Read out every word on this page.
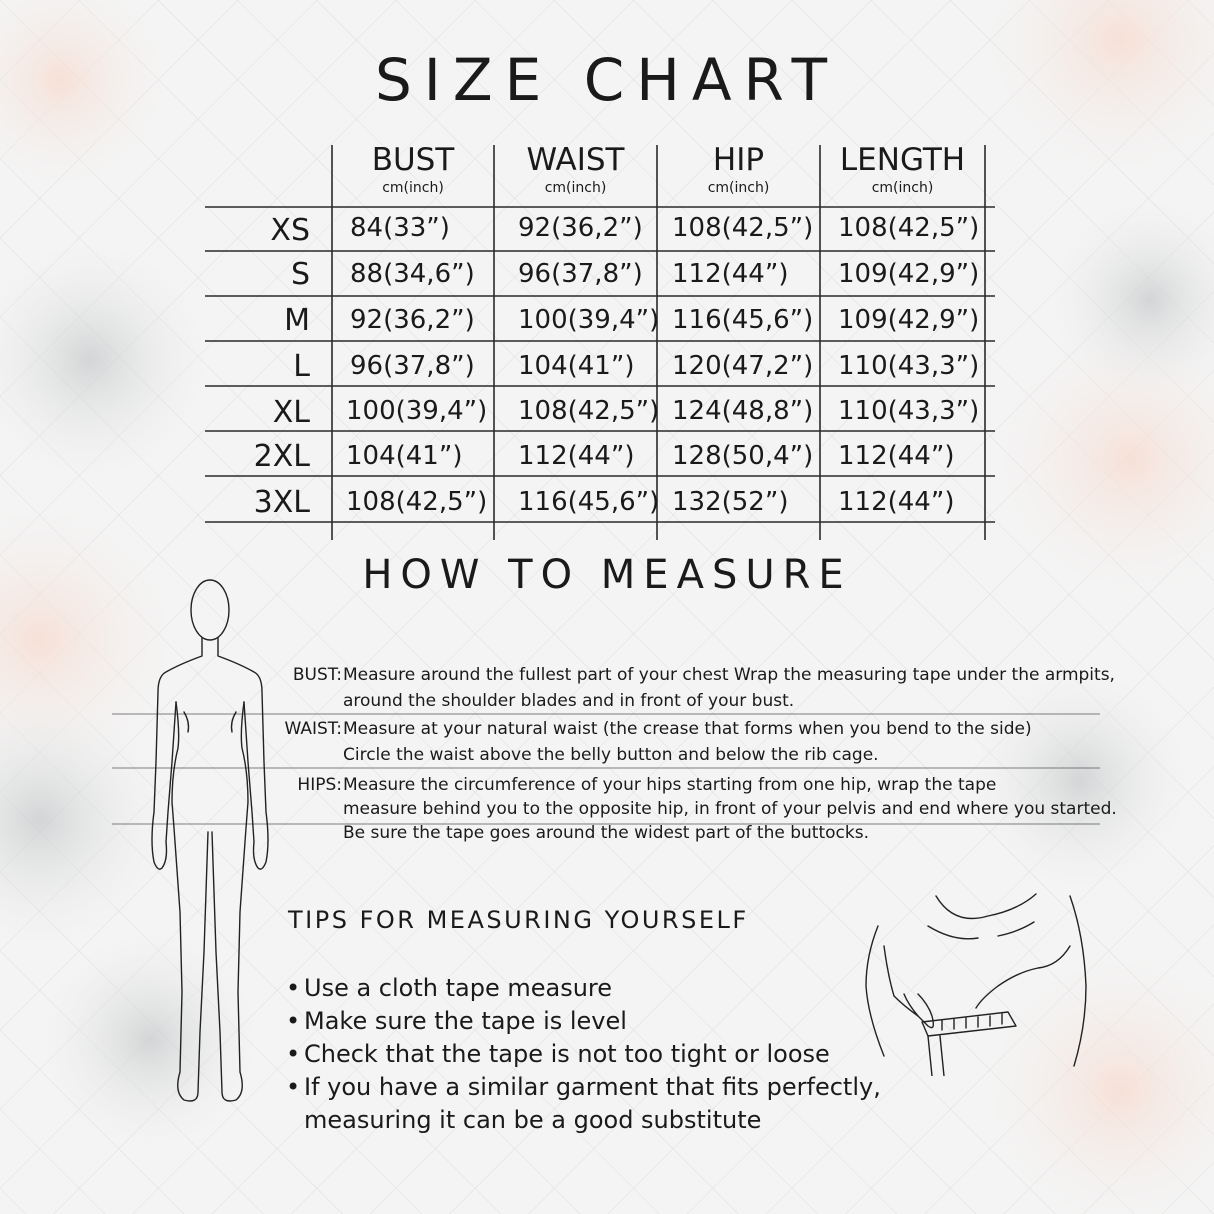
SIZE CHART
BUST
cm(inch)
WAIST
cm(inch)
HIP
cm(inch)
LENGTH
cm(inch)
XS
S
M
L
XL
2XL
3XL
84(33”)	92(36,2”) 108(42,5”) 108(42,5”)
88(34,6”) 96(37,8”) 112(44”) 109(42,9”)
92(36,2”) 100(39,4”) 116(45,6”) 109(42,9”)
96(37,8”) 104(41”) 120(47,2”) 110(43,3”)
100(39,4”) 108(42,5”) 124(48,8”) 110(43,3”)
104(41”) 112(44”) 128(50,4”) 112(44”)
108(42,5”) 116(45,6”) 132(52”) 112(44”)
HOW TO MEASURE
BUST: Measure around the fullest part of your chest Wrap the measuring tape under the armpits,
around the shoulder blades and in front of your bust.
WAIST: Measure at your natural waist (the crease that forms when you bend to the side)
Circle the waist above the belly button and below the rib cage.
HIPS: Measure the circumference of your hips starting from one hip, wrap the tape
measure behind you to the opposite hip, in front of your pelvis and end where you started.
Be sure the tape goes around the widest part of the buttocks.
TIPS FOR MEASURING YOURSELF
• Use a cloth tape measure
• Make sure the tape is level
• Check that the tape is not too tight or loose
• If you have a similar garment that fits perfectly,
measuring it can be a good substitute
